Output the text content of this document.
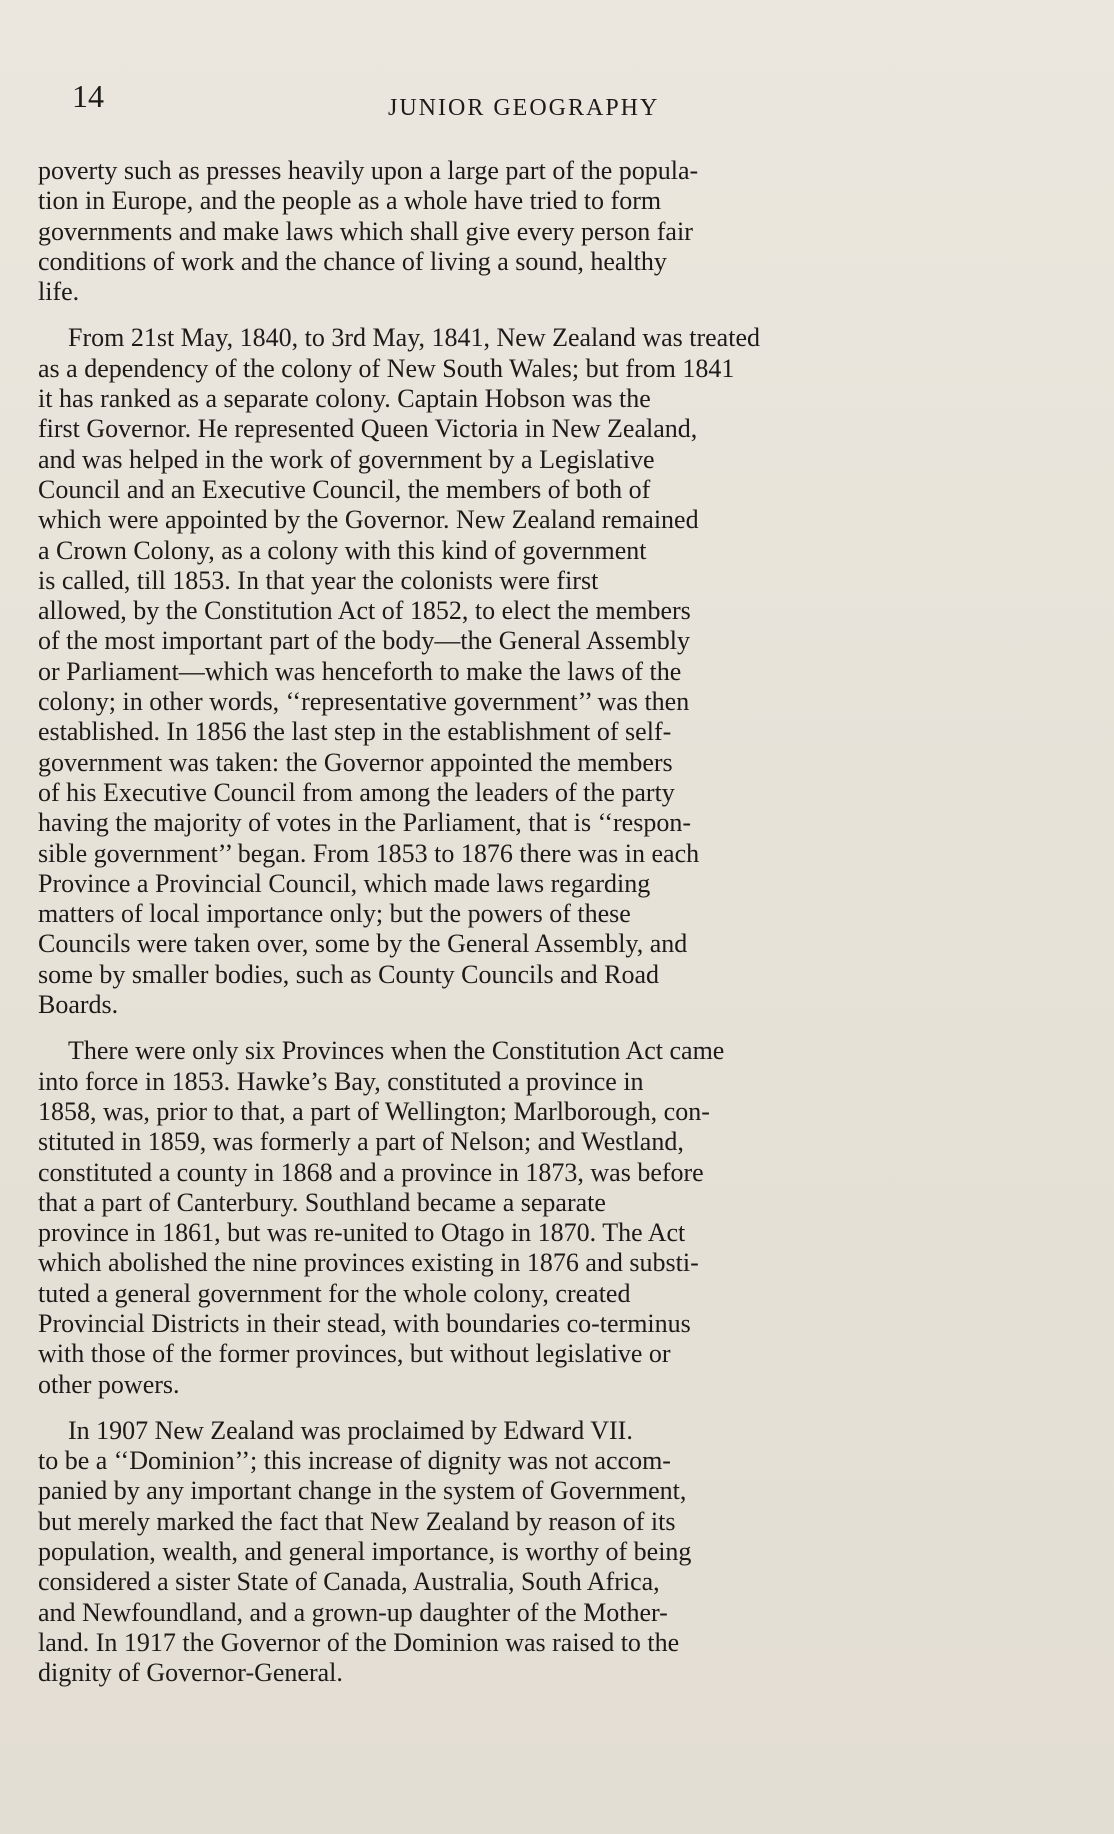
14	JUNIOR GEOGRAPHY

poverty such as presses heavily upon a large part of the popula-
tion in Europe, and the people as a whole have tried to form
governments and make laws which shall give every person fair
conditions of work and the chance of living a sound, healthy
life.

From 21st May, 1840, to 3rd May, 1841, New Zealand was treated
as a dependency of the colony of New South Wales; but from 1841
it has ranked as a separate colony. Captain Hobson was the
first Governor. He represented Queen Victoria in New Zealand,
and was helped in the work of government by a Legislative
Council and an Executive Council, the members of both of
which were appointed by the Governor. New Zealand remained
a Crown Colony, as a colony with this kind of government
is called, till 1853. In that year the colonists were first
allowed, by the Constitution Act of 1852, to elect the members
of the most important part of the body—the General Assembly
or Parliament—which was henceforth to make the laws of the
colony; in other words, ‘‘representative government’’ was then
established. In 1856 the last step in the establishment of self-
government was taken: the Governor appointed the members
of his Executive Council from among the leaders of the party
having the majority of votes in the Parliament, that is ‘‘respon-
sible government’’ began. From 1853 to 1876 there was in each
Province a Provincial Council, which made laws regarding
matters of local importance only; but the powers of these
Councils were taken over, some by the General Assembly, and
some by smaller bodies, such as County Councils and Road
Boards.

There were only six Provinces when the Constitution Act came
into force in 1853. Hawke’s Bay, constituted a province in
1858, was, prior to that, a part of Wellington; Marlborough, con-
stituted in 1859, was formerly a part of Nelson; and Westland,
constituted a county in 1868 and a province in 1873, was before
that a part of Canterbury. Southland became a separate
province in 1861, but was re-united to Otago in 1870. The Act
which abolished the nine provinces existing in 1876 and substi-
tuted a general government for the whole colony, created
Provincial Districts in their stead, with boundaries co-terminus
with those of the former provinces, but without legislative or
other powers.

In 1907 New Zealand was proclaimed by Edward VII.
to be a ‘‘Dominion’’; this increase of dignity was not accom-
panied by any important change in the system of Government,
but merely marked the fact that New Zealand by reason of its
population, wealth, and general importance, is worthy of being
considered a sister State of Canada, Australia, South Africa,
and Newfoundland, and a grown-up daughter of the Mother-
land. In 1917 the Governor of the Dominion was raised to the
dignity of Governor-General.
